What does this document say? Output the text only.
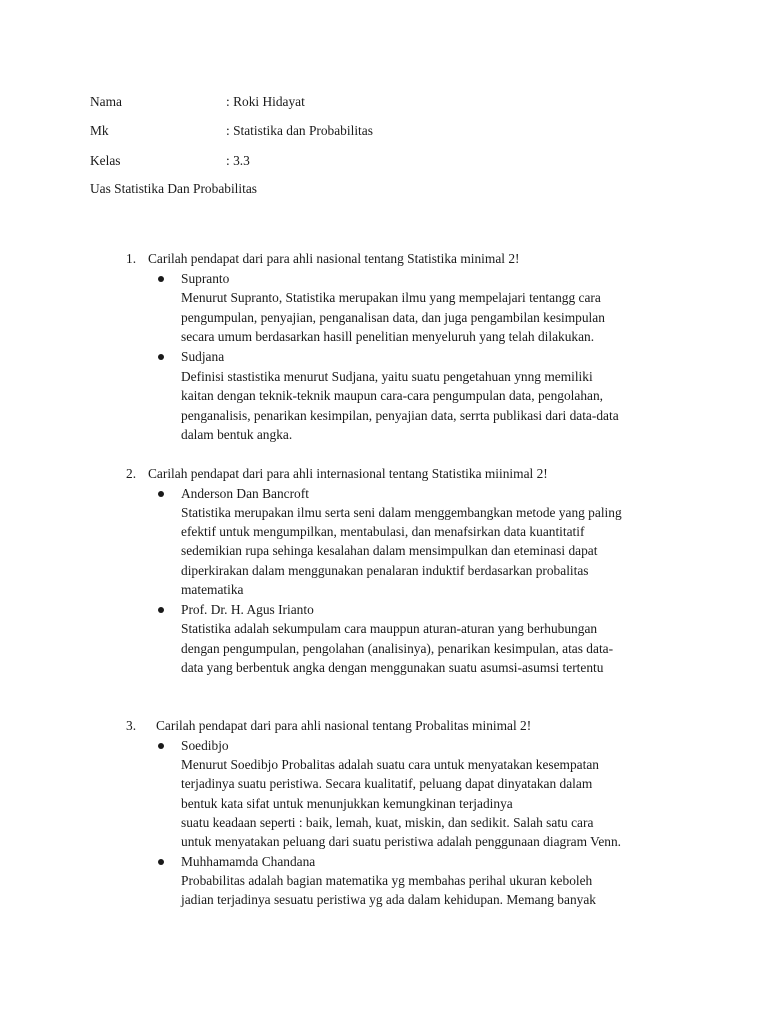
Nama	: Roki Hidayat
Mk	: Statistika dan Probabilitas
Kelas	: 3.3
Uas Statistika Dan Probabilitas
1. Carilah pendapat dari para ahli nasional tentang Statistika minimal 2!
Supranto
Menurut Supranto, Statistika merupakan ilmu yang mempelajari tentangg cara
pengumpulan, penyajian, penganalisan data, dan juga pengambilan kesimpulan
secara umum berdasarkan hasill penelitian menyeluruh yang telah dilakukan.
Sudjana
Definisi stastistika menurut Sudjana, yaitu suatu pengetahuan ynng memiliki
kaitan dengan teknik-teknik maupun cara-cara pengumpulan data, pengolahan,
penganalisis, penarikan kesimpilan, penyajian data, serrta publikasi dari data-data
dalam bentuk angka.
2. Carilah pendapat dari para ahli internasional tentang Statistika miinimal 2!
Anderson Dan Bancroft
Statistika merupakan ilmu serta seni dalam menggembangkan metode yang paling
efektif untuk mengumpilkan, mentabulasi, dan menafsirkan data kuantitatif
sedemikian rupa sehinga kesalahan dalam mensimpulkan dan eteminasi dapat
diperkirakan dalam menggunakan penalaran induktif berdasarkan probalitas
matematika
Prof. Dr. H. Agus Irianto
Statistika adalah sekumpulam cara mauppun aturan-aturan yang berhubungan
dengan pengumpulan, pengolahan (analisinya), penarikan kesimpulan, atas data-
data yang berbentuk angka dengan menggunakan suatu asumsi-asumsi tertentu
3. Carilah pendapat dari para ahli nasional tentang Probalitas minimal 2!
Soedibjo
Menurut Soedibjo Probalitas adalah suatu cara untuk menyatakan kesempatan
terjadinya suatu peristiwa. Secara kualitatif, peluang dapat dinyatakan dalam
bentuk kata sifat untuk menunjukkan kemungkinan terjadinya
suatu keadaan seperti : baik, lemah, kuat, miskin, dan sedikit. Salah satu cara
untuk menyatakan peluang dari suatu peristiwa adalah penggunaan diagram Venn.
Muhhamamda Chandana
Probabilitas adalah bagian matematika yg membahas perihal ukuran keboleh
jadian terjadinya sesuatu peristiwa yg ada dalam kehidupan. Memang banyak
